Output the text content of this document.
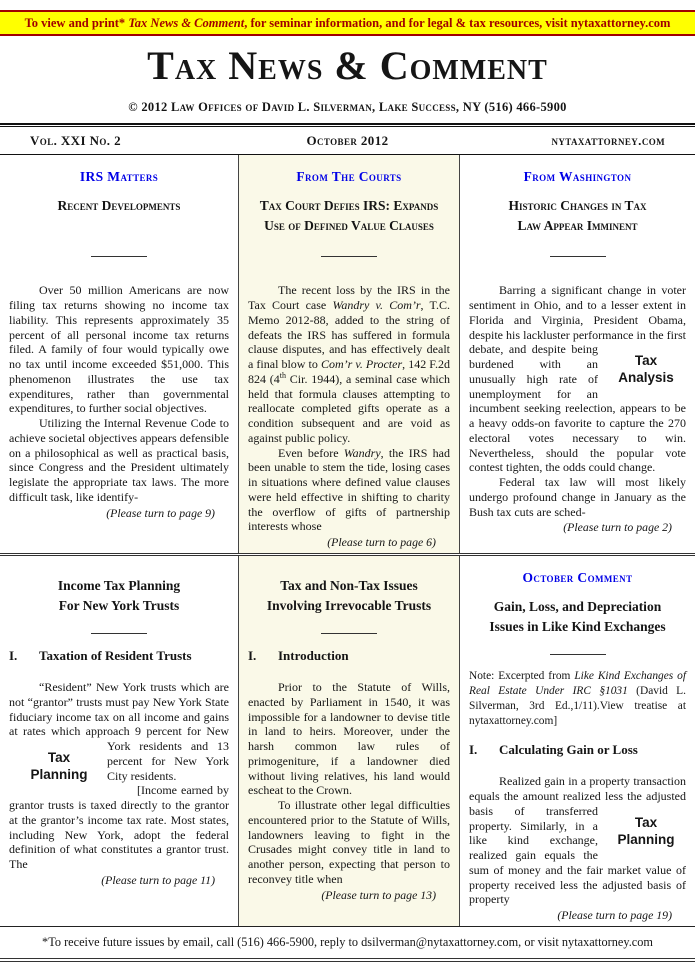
To view and print* Tax News & Comment, for seminar information, and for legal & tax resources, visit nytaxattorney.com
Tax News & Comment
© 2012 Law Offices of David L. Silverman, Lake Success, NY (516) 466-5900
Vol. XXI No. 2	October 2012	nytaxattorney.com
IRS Matters
Recent Developments

Over 50 million Americans are now filing tax returns showing no income tax liability. This represents approximately 35 percent of all personal income tax returns filed. A family of four would typically owe no tax until income exceeded $51,000. This phenomenon illustrates the use tax expenditures, rather than governmental expenditures, to further social objectives.

Utilizing the Internal Revenue Code to achieve societal objectives appears defensible on a philosophical as well as practical basis, since Congress and the President ultimately legislate the appropriate tax laws. The more difficult task, like identify-

(Please turn to page 9)
From The Courts
Tax Court Defies IRS: Expands
Use of Defined Value Clauses

The recent loss by the IRS in the Tax Court case Wandry v. Com’r, T.C. Memo 2012-88, added to the string of defeats the IRS has suffered in formula clause disputes, and has effectively dealt a final blow to Com’r v. Procter, 142 F.2d 824 (4th Cir. 1944), a seminal case which held that formula clauses attempting to reallocate completed gifts operate as a condition subsequent and are void as against public policy.

Even before Wandry, the IRS had been unable to stem the tide, losing cases in situations where defined value clauses were held effective in shifting to charity the overflow of gifts of partnership interests whose

(Please turn to page 6)
From Washington
Historic Changes in Tax
Law Appear Imminent

Barring a significant change in voter sentiment in Ohio, and to a lesser extent in Florida and Virginia, President Obama, despite his lackluster performance in the first debate,
Tax Analysis
and despite being burdened with an unusually high rate of unemployment for an incumbent seeking reelection, appears to be a heavy odds-on favorite to capture the 270 electoral votes necessary to win. Nevertheless, should the popular vote contest tighten, the odds could change.

Federal tax law will most likely undergo profound change in January as the Bush tax cuts are sched-

(Please turn to page 2)
Income Tax Planning
For New York Trusts
I.	Taxation of Resident Trusts

“Resident” New York trusts which are not “grantor” trusts must pay New York State fiduciary income tax on all income and gains at rates which approach 9 percent for New
Tax Planning
York residents and 13 percent for New York City residents.

[Income earned by grantor trusts is taxed directly to the grantor at the grantor’s income tax rate. Most states, including New York, adopt the federal definition of what constitutes a grantor trust. The

(Please turn to page 11)
Tax and Non-Tax Issues
Involving Irrevocable Trusts
I.	Introduction

Prior to the Statute of Wills, enacted by Parliament in 1540, it was impossible for a landowner to devise title in land to heirs. Moreover, under the harsh common law rules of primogeniture, if a landowner died without living relatives, his land would escheat to the Crown.

To illustrate other legal difficulties encountered prior to the Statute of Wills, landowners leaving to fight in the Crusades might convey title in land to another person, expecting that person to reconvey title when

(Please turn to page 13)
October Comment
Gain, Loss, and Depreciation
Issues in Like Kind Exchanges
Note: Excerpted from Like Kind Exchanges of Real Estate Under IRC §1031 (David L. Silverman, 3rd Ed.,1/11).View treatise at nytaxattorney.com]
I.	Calculating Gain or Loss

Realized gain in a property transaction equals the amount realized less the adjusted
Tax Planning
basis of transferred property. Similarly, in a like kind exchange, realized gain equals the sum of money and the fair market value of property received less the adjusted basis of property

(Please turn to page 19)
*To receive future issues by email, call (516) 466-5900, reply to dsilverman@nytaxattorney.com, or visit nytaxattorney.com
